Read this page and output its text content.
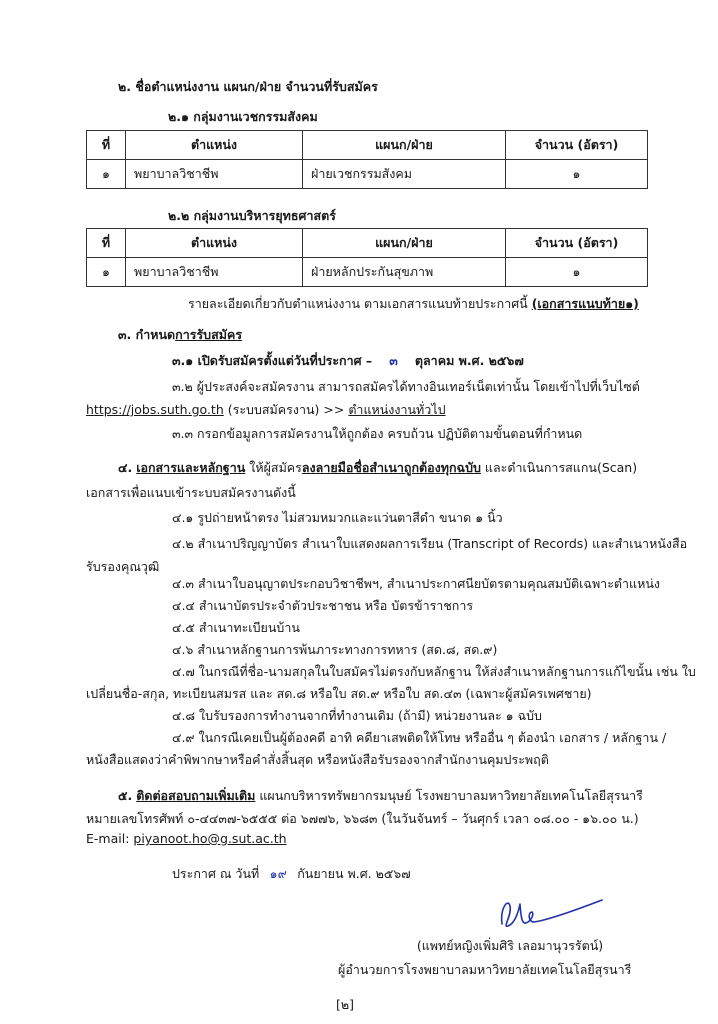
๒. ชื่อตำแหน่งงาน แผนก/ฝ่าย จำนวนที่รับสมัคร
๒.๑ กลุ่มงานเวชกรรมสังคม
ที่	ตำแหน่ง	แผนก/ฝ่าย	จำนวน (อัตรา)
๑	พยาบาลวิชาชีพ	ฝ่ายเวชกรรมสังคม	๑
๒.๒ กลุ่มงานบริหารยุทธศาสตร์
ที่	ตำแหน่ง	แผนก/ฝ่าย	จำนวน (อัตรา)
๑	พยาบาลวิชาชีพ	ฝ่ายหลักประกันสุขภาพ	๑
รายละเอียดเกี่ยวกับตำแหน่งงาน ตามเอกสารแนบท้ายประกาศนี้ (เอกสารแนบท้าย๑)
๓. กำหนดการรับสมัคร
๓.๑ เปิดรับสมัครตั้งแต่วันที่ประกาศ – ๓ ตุลาคม พ.ศ. ๒๕๖๗
๓.๒ ผู้ประสงค์จะสมัครงาน สามารถสมัครได้ทางอินเทอร์เน็ตเท่านั้น โดยเข้าไปที่เว็บไซต์
https://jobs.suth.go.th (ระบบสมัครงาน) >> ตำแหน่งงานทั่วไป
๓.๓ กรอกข้อมูลการสมัครงานให้ถูกต้อง ครบถ้วน ปฏิบัติตามขั้นตอนที่กำหนด
๔. เอกสารและหลักฐาน ให้ผู้สมัครลงลายมือชื่อสำเนาถูกต้องทุกฉบับ และดำเนินการสแกน(Scan)
เอกสารเพื่อแนบเข้าระบบสมัครงานดังนี้
๔.๑ รูปถ่ายหน้าตรง ไม่สวมหมวกและแว่นตาสีดำ ขนาด ๑ นิ้ว
๔.๒ สำเนาปริญญาบัตร สำเนาใบแสดงผลการเรียน (Transcript of Records) และสำเนาหนังสือ
รับรองคุณวุฒิ
๔.๓ สำเนาใบอนุญาตประกอบวิชาชีพฯ, สำเนาประกาศนียบัตรตามคุณสมบัติเฉพาะตำแหน่ง
๔.๔ สำเนาบัตรประจำตัวประชาชน หรือ บัตรข้าราชการ
๔.๕ สำเนาทะเบียนบ้าน
๔.๖ สำเนาหลักฐานการพ้นภาระทางการทหาร (สด.๘, สด.๙)
๔.๗ ในกรณีที่ชื่อ-นามสกุลในใบสมัครไม่ตรงกับหลักฐาน ให้ส่งสำเนาหลักฐานการแก้ไขนั้น เช่น ใบ
เปลี่ยนชื่อ-สกุล, ทะเบียนสมรส และ สด.๘ หรือใบ สด.๙ หรือใบ สด.๔๓ (เฉพาะผู้สมัครเพศชาย)
๔.๘ ใบรับรองการทำงานจากที่ทำงานเดิม (ถ้ามี) หน่วยงานละ ๑ ฉบับ
๔.๙ ในกรณีเคยเป็นผู้ต้องคดี อาทิ คดียาเสพติดให้โทษ หรืออื่น ๆ ต้องนำ เอกสาร / หลักฐาน /
หนังสือแสดงว่าคำพิพากษาหรือคำสั่งสิ้นสุด หรือหนังสือรับรองจากสำนักงานคุมประพฤติ
๕. ติดต่อสอบถามเพิ่มเติม แผนกบริหารทรัพยากรมนุษย์ โรงพยาบาลมหาวิทยาลัยเทคโนโลยีสุรนารี
หมายเลขโทรศัพท์ ๐-๔๔๓๗-๖๕๕๕ ต่อ ๖๗๗๖, ๖๖๘๓ (ในวันจันทร์ – วันศุกร์ เวลา ๐๘.๐๐ - ๑๖.๐๐ น.)
E-mail: piyanoot.ho@g.sut.ac.th
ประกาศ ณ วันที่ ๑๙ กันยายน พ.ศ. ๒๕๖๗
(แพทย์หญิงเพิ่มศิริ เลอมานุวรรัตน์)
ผู้อำนวยการโรงพยาบาลมหาวิทยาลัยเทคโนโลยีสุรนารี
[๒]
